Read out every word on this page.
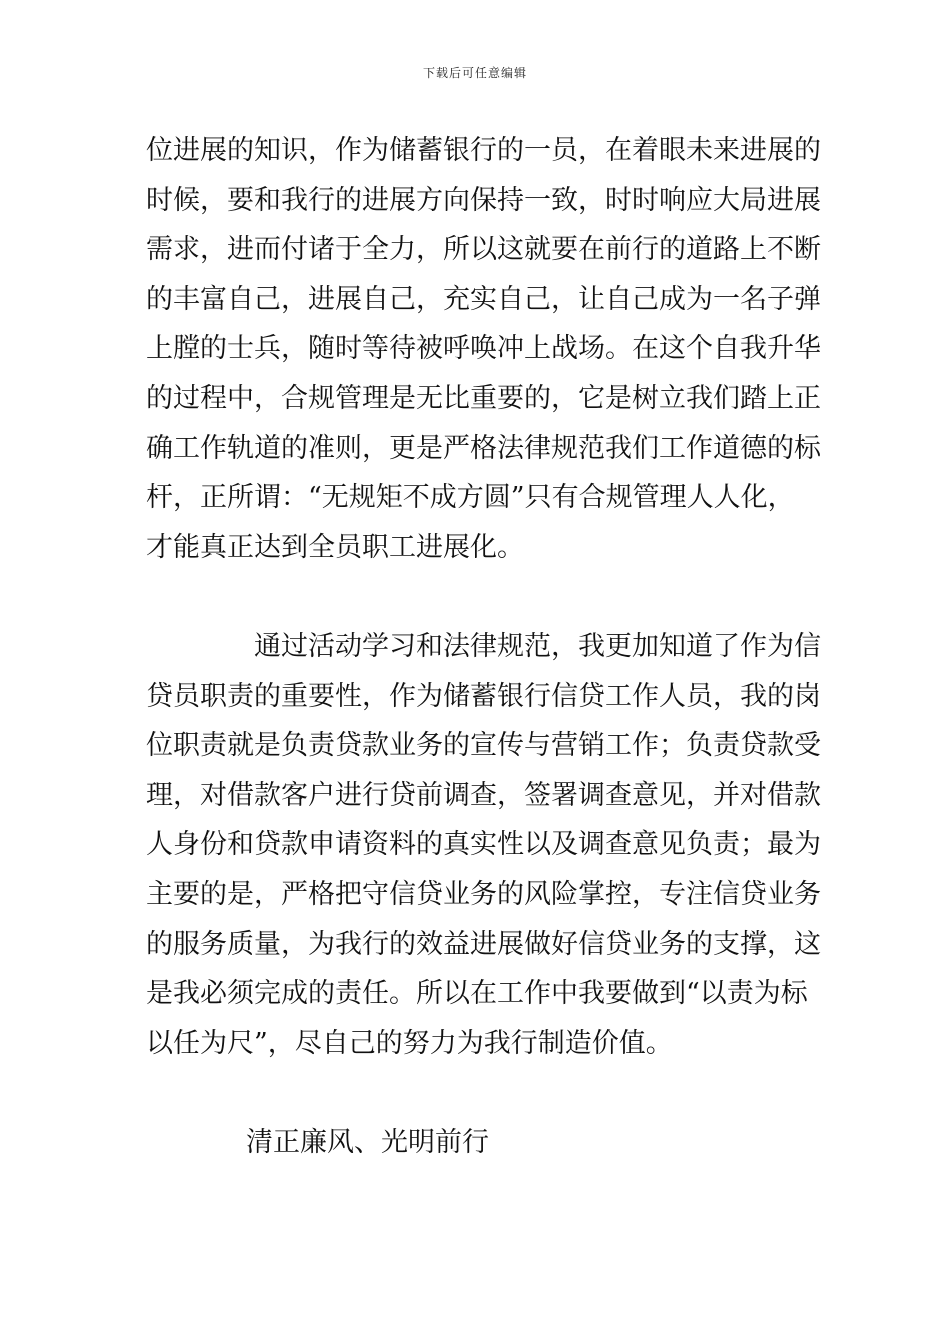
下载后可任意编辑
位进展的知识，作为储蓄银行的一员，在着眼未来进展的
时候，要和我行的进展方向保持一致，时时响应大局进展
需求，进而付诸于全力，所以这就要在前行的道路上不断
的丰富自己，进展自己，充实自己，让自己成为一名子弹
上膛的士兵，随时等待被呼唤冲上战场。在这个自我升华
的过程中，合规管理是无比重要的，它是树立我们踏上正
确工作轨道的准则，更是严格法律规范我们工作道德的标
杆，正所谓：“无规矩不成方圆”只有合规管理人人化，
才能真正达到全员职工进展化。
通过活动学习和法律规范，我更加知道了作为信
贷员职责的重要性，作为储蓄银行信贷工作人员，我的岗
位职责就是负责贷款业务的宣传与营销工作；负责贷款受
理，对借款客户进行贷前调查，签署调查意见，并对借款
人身份和贷款申请资料的真实性以及调查意见负责；最为
主要的是，严格把守信贷业务的风险掌控，专注信贷业务
的服务质量，为我行的效益进展做好信贷业务的支撑，这
是我必须完成的责任。所以在工作中我要做到“以责为标
以任为尺”，尽自己的努力为我行制造价值。
清正廉风、光明前行
